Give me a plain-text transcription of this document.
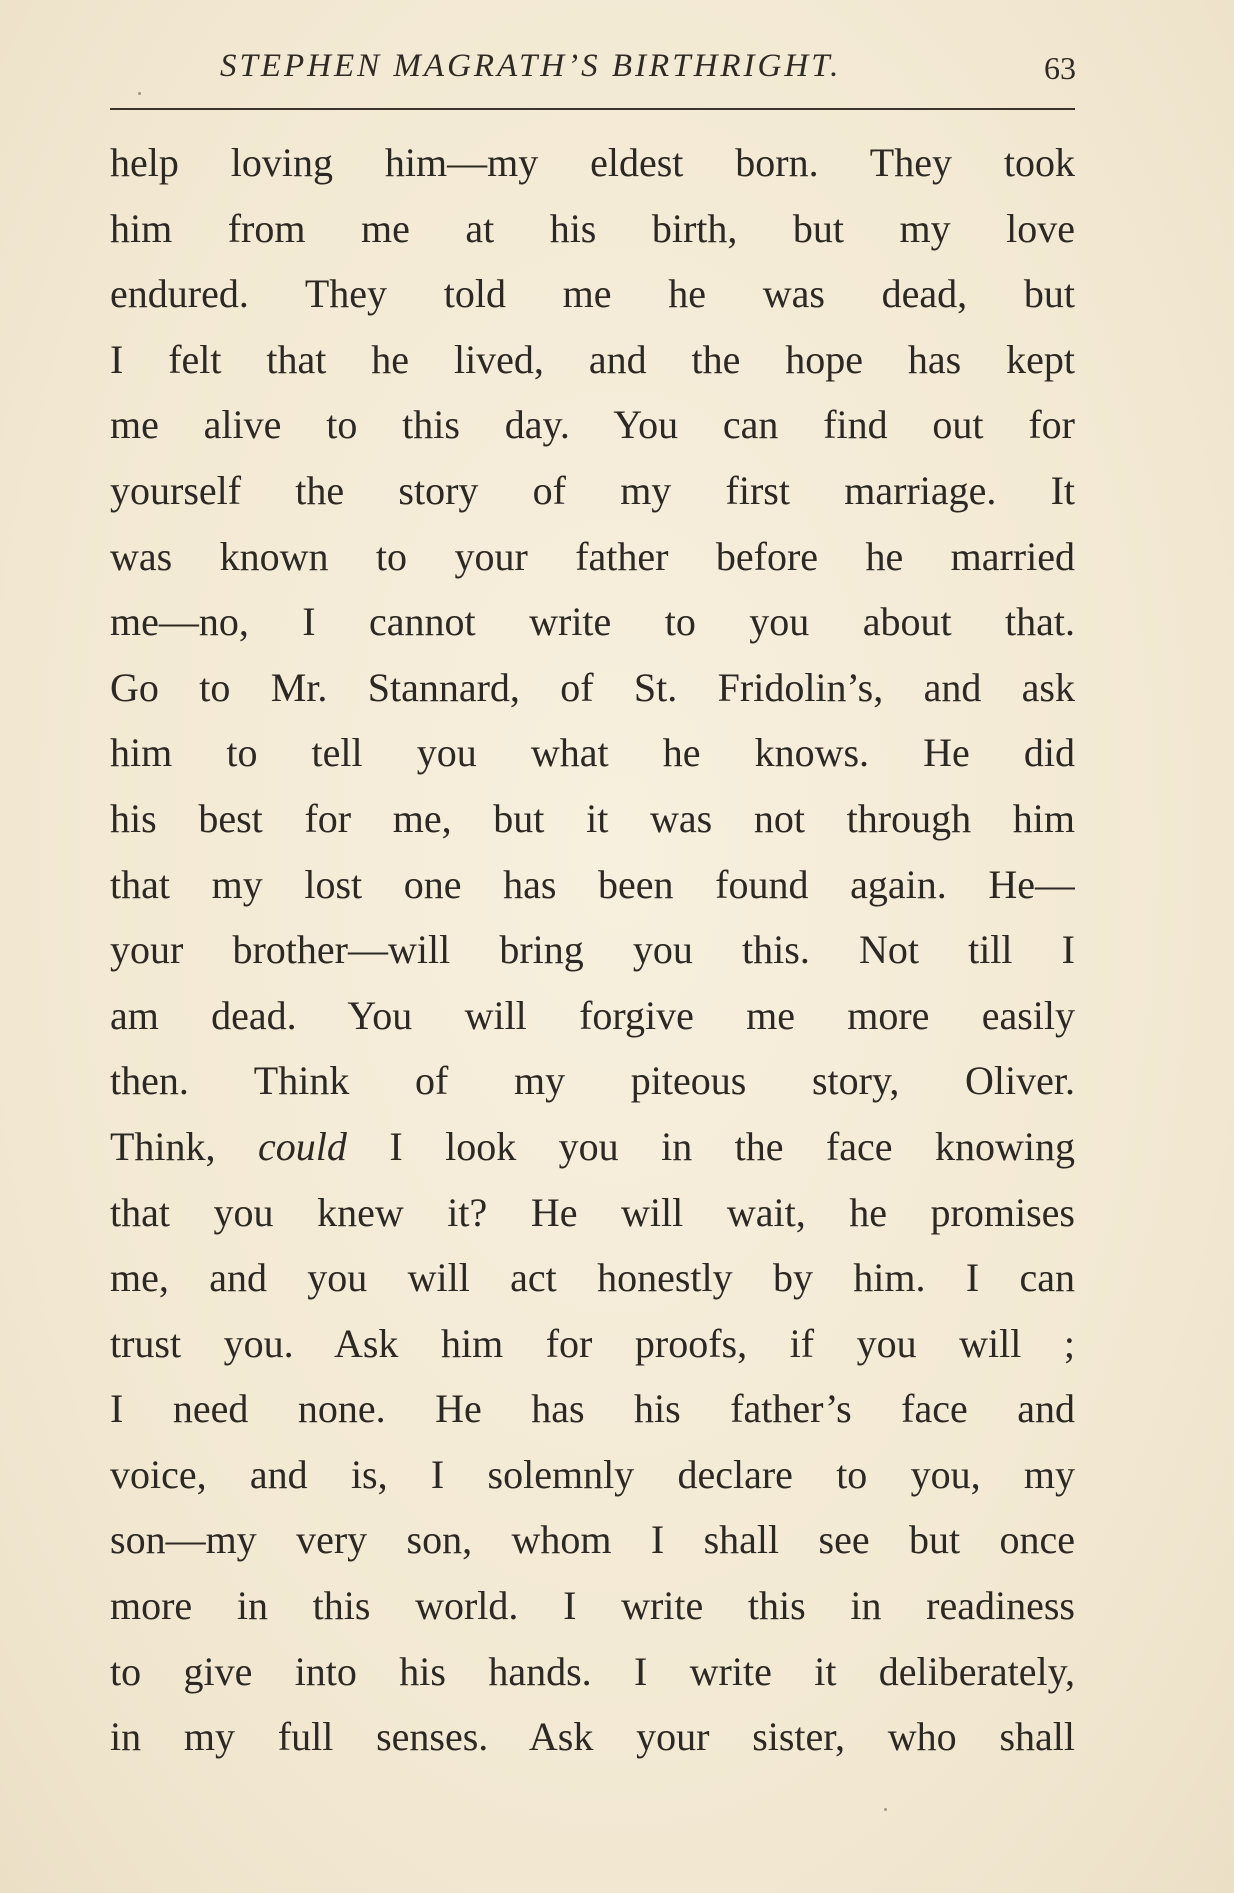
STEPHEN MAGRATH’S BIRTHRIGHT.	63
help loving him—my eldest born. They took
him from me at his birth, but my love
endured. They told me he was dead, but
I felt that he lived, and the hope has kept
me alive to this day. You can find out for
yourself the story of my first marriage. It
was known to your father before he married
me—no, I cannot write to you about that.
Go to Mr. Stannard, of St. Fridolin’s, and ask
him to tell you what he knows. He did
his best for me, but it was not through him
that my lost one has been found again. He—
your brother—will bring you this. Not till I
am dead. You will forgive me more easily
then. Think of my piteous story, Oliver.
Think, could I look you in the face knowing
that you knew it? He will wait, he promises
me, and you will act honestly by him. I can
trust you. Ask him for proofs, if you will ;
I need none. He has his father’s face and
voice, and is, I solemnly declare to you, my
son—my very son, whom I shall see but once
more in this world. I write this in readiness
to give into his hands. I write it deliberately,
in my full senses. Ask your sister, who shall
